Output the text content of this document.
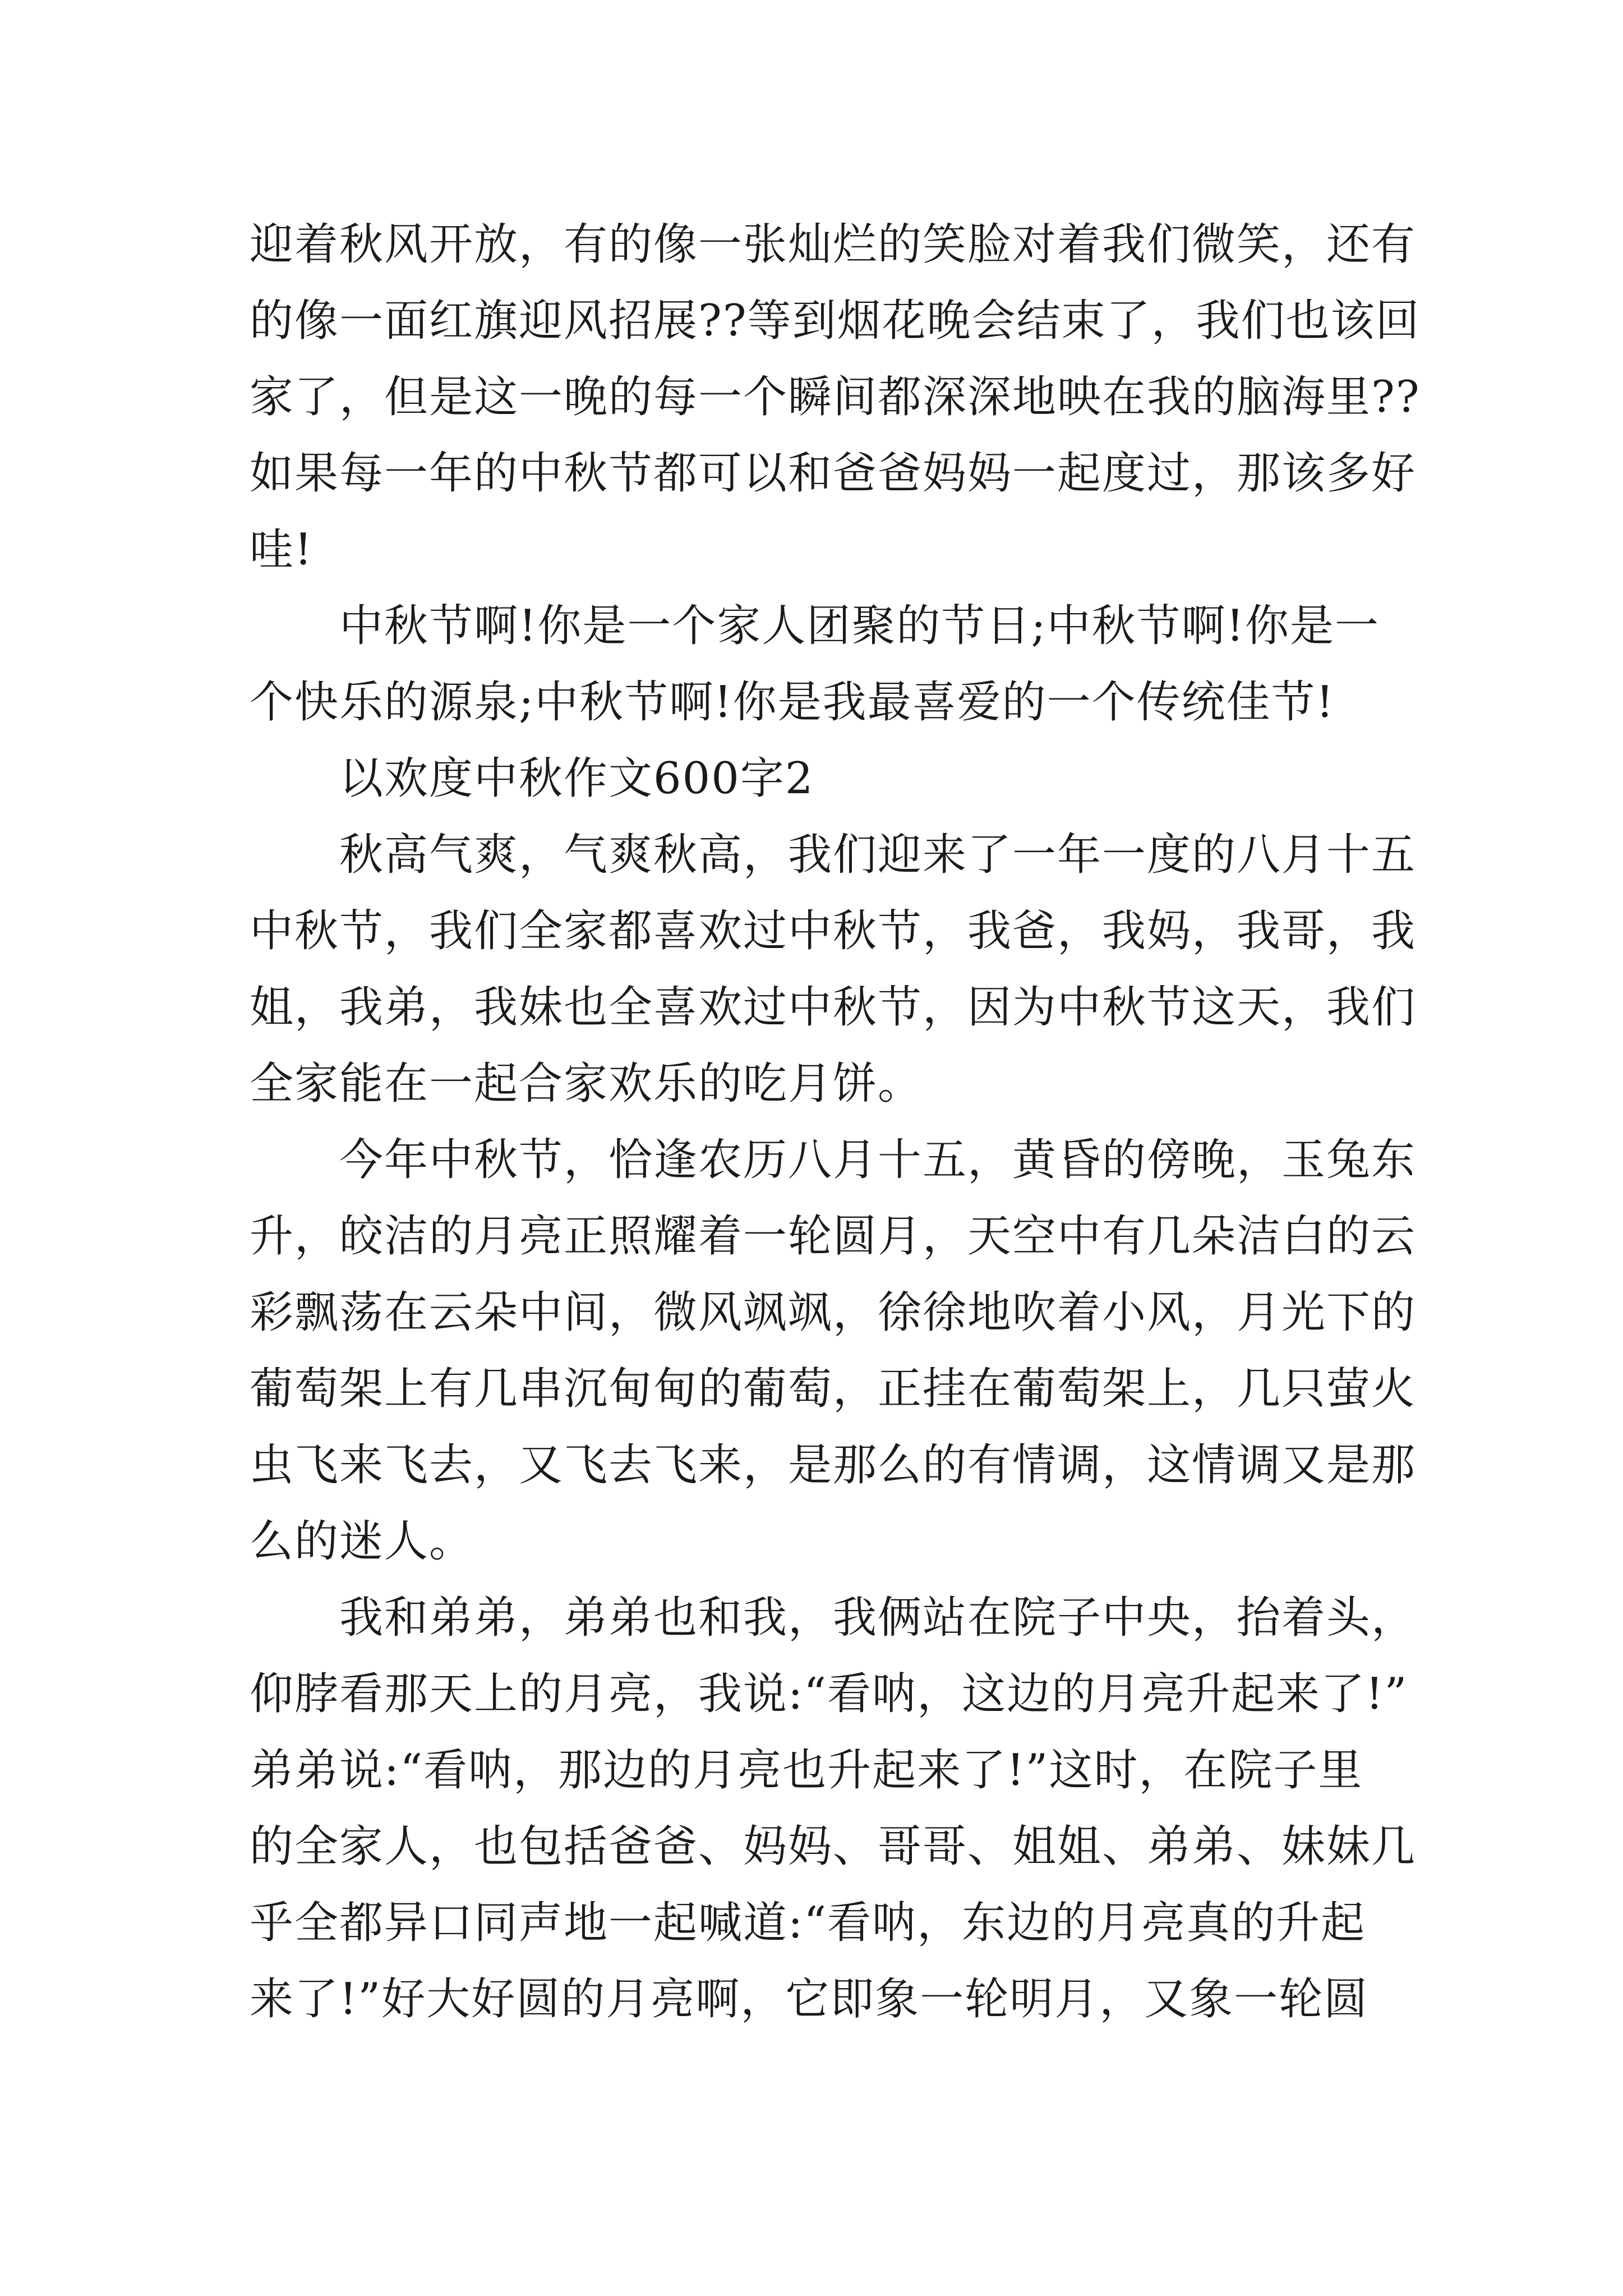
迎着秋风开放，有的像一张灿烂的笑脸对着我们微笑，还有
的像一面红旗迎风招展??等到烟花晚会结束了，我们也该回
家了，但是这一晚的每一个瞬间都深深地映在我的脑海里??
如果每一年的中秋节都可以和爸爸妈妈一起度过，那该多好
哇!
中秋节啊!你是一个家人团聚的节日;中秋节啊!你是一
个快乐的源泉;中秋节啊!你是我最喜爱的一个传统佳节!
以欢度中秋作文600字2
秋高气爽，气爽秋高，我们迎来了一年一度的八月十五
中秋节，我们全家都喜欢过中秋节，我爸，我妈，我哥，我
姐，我弟，我妹也全喜欢过中秋节，因为中秋节这天，我们
全家能在一起合家欢乐的吃月饼。
今年中秋节，恰逢农历八月十五，黄昏的傍晚，玉兔东
升，皎洁的月亮正照耀着一轮圆月，天空中有几朵洁白的云
彩飘荡在云朵中间，微风飒飒，徐徐地吹着小风，月光下的
葡萄架上有几串沉甸甸的葡萄，正挂在葡萄架上，几只萤火
虫飞来飞去，又飞去飞来，是那么的有情调，这情调又是那
么的迷人。
我和弟弟，弟弟也和我，我俩站在院子中央，抬着头，
仰脖看那天上的月亮，我说:“看呐，这边的月亮升起来了!”
弟弟说:“看呐，那边的月亮也升起来了!”这时，在院子里
的全家人，也包括爸爸、妈妈、哥哥、姐姐、弟弟、妹妹几
乎全都异口同声地一起喊道:“看呐，东边的月亮真的升起
来了!”好大好圆的月亮啊，它即象一轮明月，又象一轮圆
